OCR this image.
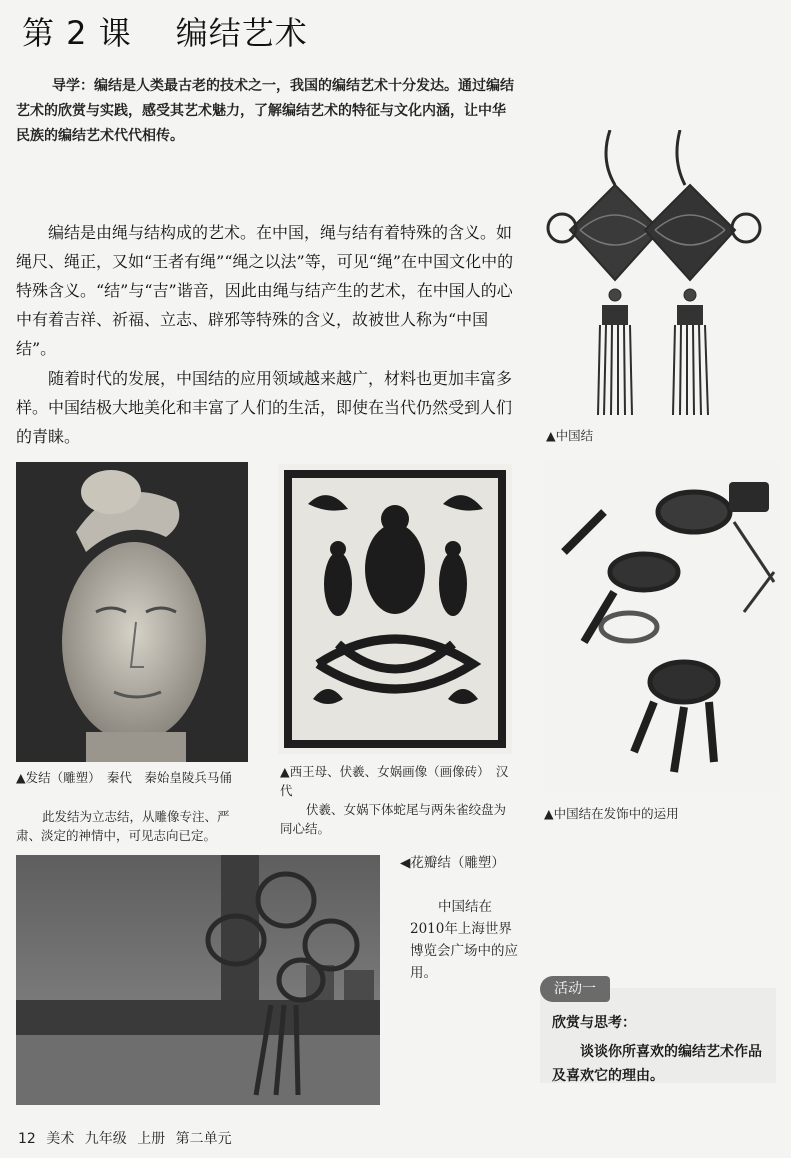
第 2 课 编结艺术
导学：编结是人类最古老的技术之一，我国的编结艺术十分发达。通过编结艺术的欣赏与实践，感受其艺术魅力，了解编结艺术的特征与文化内涵，让中华民族的编结艺术代代相传。

编结是由绳与结构成的艺术。在中国，绳与结有着特殊的含义。如绳尺、绳正，又如“王者有绳”“绳之以法”等，可见“绳”在中国文化中的特殊含义。“结”与“吉”谐音，因此由绳与结产生的艺术，在中国人的心中有着吉祥、祈福、立志、辟邪等特殊的含义，故被世人称为“中国结”。

随着时代的发展，中国结的应用领域越来越广，材料也更加丰富多样。中国结极大地美化和丰富了人们的生活，即使在当代仍然受到人们的青睐。	▲中国结
▲发结（雕塑）　秦代　秦始皇陵兵马俑
此发结为立志结，从雕像专注、严肃、淡定的神情中，可见志向已定。
▲西王母、伏羲、女娲画像（画像砖）　汉代
伏羲、女娲下体蛇尾与两朱雀绞盘为同心结。
▲中国结在发饰中的运用
◀花瓣结（雕塑）
中国结在2010年上海世界博览会广场中的应用。
活动一
欣赏与思考：
谈谈你所喜欢的编结艺术作品及喜欢它的理由。
12 美术 九年级 上册 第二单元
